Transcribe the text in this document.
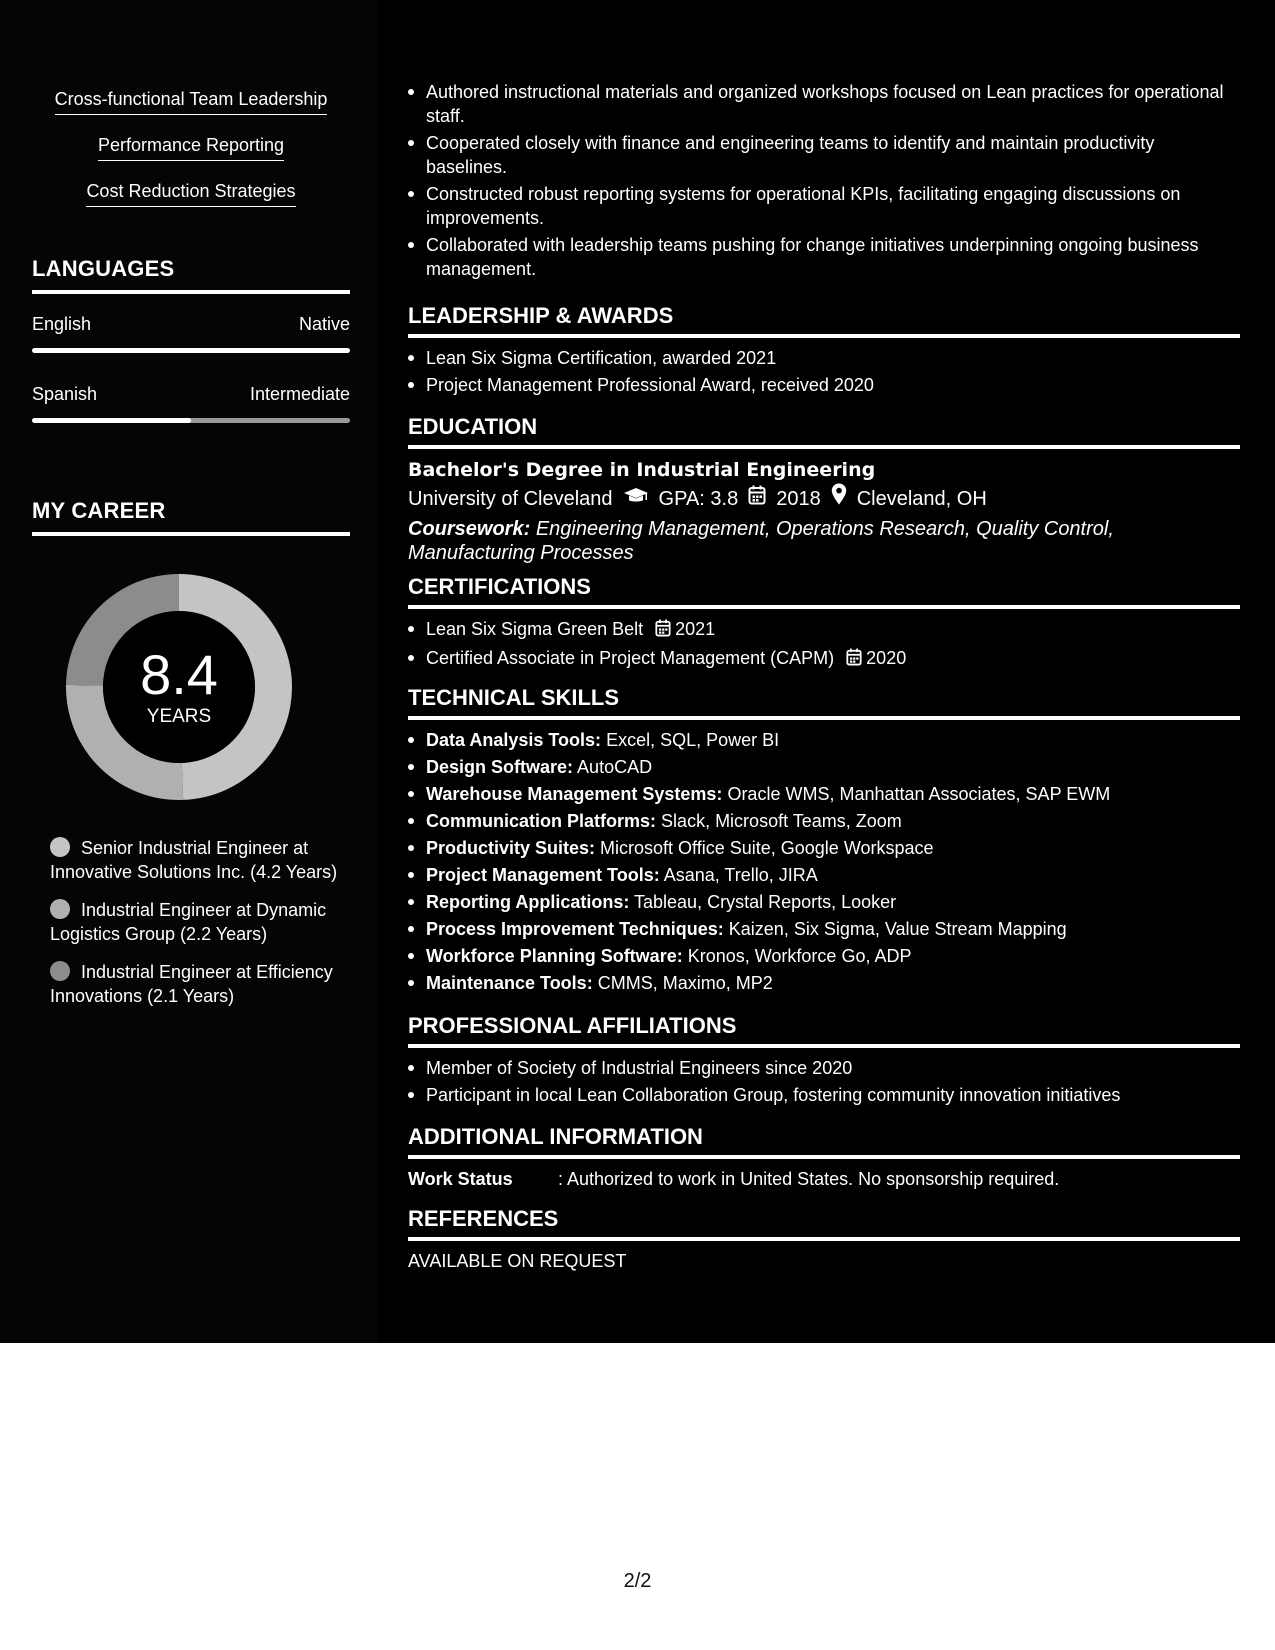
Cross-functional Team Leadership
Performance Reporting
Cost Reduction Strategies
LANGUAGES
English	Native
Spanish	Intermediate
MY CAREER
8.4
YEARS
Senior Industrial Engineer at Innovative Solutions Inc. (4.2 Years)
Industrial Engineer at Dynamic Logistics Group (2.2 Years)
Industrial Engineer at Efficiency Innovations (2.1 Years)
Authored instructional materials and organized workshops focused on Lean practices for operational staff.
Cooperated closely with finance and engineering teams to identify and maintain productivity baselines.
Constructed robust reporting systems for operational KPIs, facilitating engaging discussions on improvements.
Collaborated with leadership teams pushing for change initiatives underpinning ongoing business management.
LEADERSHIP & AWARDS
Lean Six Sigma Certification, awarded 2021
Project Management Professional Award, received 2020
EDUCATION
Bachelor's Degree in Industrial Engineering
University of Cleveland GPA: 3.8 2018 Cleveland, OH
Coursework: Engineering Management, Operations Research, Quality Control, Manufacturing Processes
CERTIFICATIONS
Lean Six Sigma Green Belt 2021
Certified Associate in Project Management (CAPM) 2020
TECHNICAL SKILLS
Data Analysis Tools: Excel, SQL, Power BI
Design Software: AutoCAD
Warehouse Management Systems: Oracle WMS, Manhattan Associates, SAP EWM
Communication Platforms: Slack, Microsoft Teams, Zoom
Productivity Suites: Microsoft Office Suite, Google Workspace
Project Management Tools: Asana, Trello, JIRA
Reporting Applications: Tableau, Crystal Reports, Looker
Process Improvement Techniques: Kaizen, Six Sigma, Value Stream Mapping
Workforce Planning Software: Kronos, Workforce Go, ADP
Maintenance Tools: CMMS, Maximo, MP2
PROFESSIONAL AFFILIATIONS
Member of Society of Industrial Engineers since 2020
Participant in local Lean Collaboration Group, fostering community innovation initiatives
ADDITIONAL INFORMATION
Work Status	: Authorized to work in United States. No sponsorship required.
REFERENCES
AVAILABLE ON REQUEST
2/2
